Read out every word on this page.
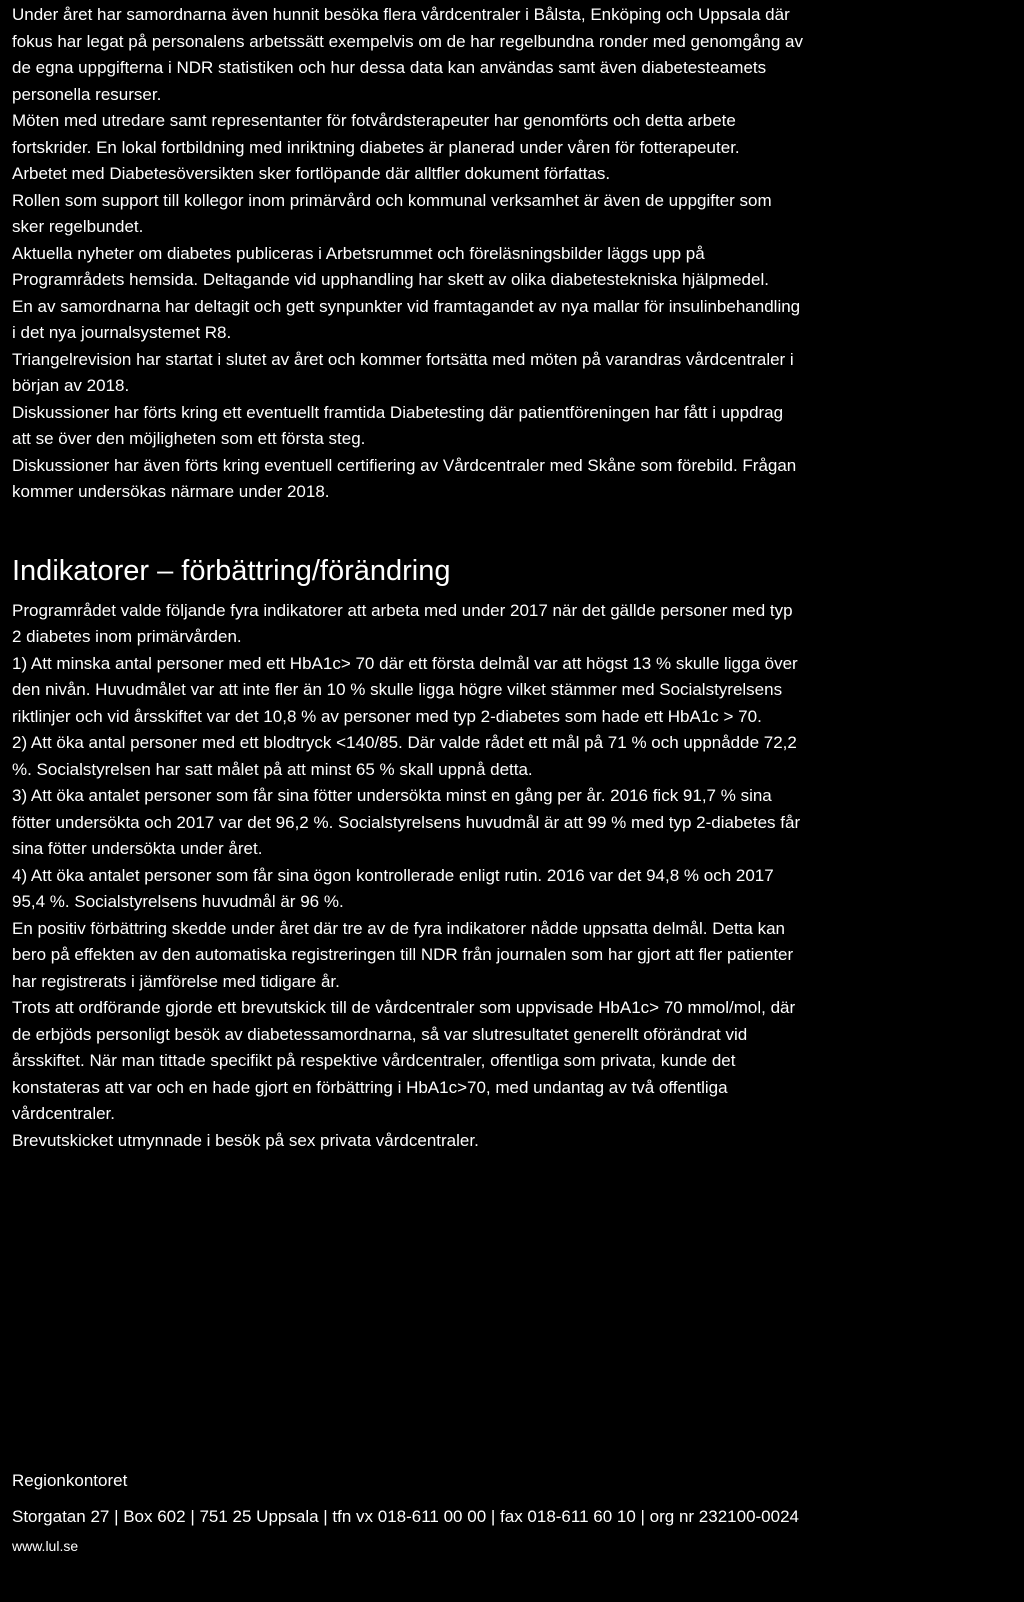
Under året har samordnarna även hunnit besöka flera vårdcentraler i Bålsta, Enköping och Uppsala där
fokus har legat på personalens arbetssätt exempelvis om de har regelbundna ronder med genomgång av
de egna uppgifterna i NDR statistiken och hur dessa data kan användas samt även diabetesteamets
personella resurser.

Möten med utredare samt representanter för fotvårdsterapeuter har genomförts och detta arbete
fortskrider. En lokal fortbildning med inriktning diabetes är planerad under våren för fotterapeuter.

Arbetet med Diabetesöversikten sker fortlöpande där alltfler dokument författas.

Rollen som support till kollegor inom primärvård och kommunal verksamhet är även de uppgifter som
sker regelbundet.

Aktuella nyheter om diabetes publiceras i Arbetsrummet och föreläsningsbilder läggs upp på
Programrådets hemsida. Deltagande vid upphandling har skett av olika diabetestekniska hjälpmedel.

En av samordnarna har deltagit och gett synpunkter vid framtagandet av nya mallar för insulinbehandling
i det nya journalsystemet R8.

Triangelrevision har startat i slutet av året och kommer fortsätta med möten på varandras vårdcentraler i
början av 2018.

Diskussioner har förts kring ett eventuellt framtida Diabetesting där patientföreningen har fått i uppdrag
att se över den möjligheten som ett första steg.

Diskussioner har även förts kring eventuell certifiering av Vårdcentraler med Skåne som förebild. Frågan
kommer undersökas närmare under 2018.

Indikatorer – förbättring/förändring

Programrådet valde följande fyra indikatorer att arbeta med under 2017 när det gällde personer med typ
2 diabetes inom primärvården.

1) Att minska antal personer med ett HbA1c> 70 där ett första delmål var att högst 13 % skulle ligga över
den nivån. Huvudmålet var att inte fler än 10 % skulle ligga högre vilket stämmer med Socialstyrelsens
riktlinjer och vid årsskiftet var det 10,8 % av personer med typ 2-diabetes som hade ett HbA1c > 70.

2) Att öka antal personer med ett blodtryck <140/85. Där valde rådet ett mål på 71 % och uppnådde 72,2
%. Socialstyrelsen har satt målet på att minst 65 % skall uppnå detta.

3) Att öka antalet personer som får sina fötter undersökta minst en gång per år. 2016 fick 91,7 % sina
fötter undersökta och 2017 var det 96,2 %. Socialstyrelsens huvudmål är att 99 % med typ 2-diabetes får
sina fötter undersökta under året.

4) Att öka antalet personer som får sina ögon kontrollerade enligt rutin. 2016 var det 94,8 % och 2017
95,4 %. Socialstyrelsens huvudmål är 96 %.

En positiv förbättring skedde under året där tre av de fyra indikatorer nådde uppsatta delmål. Detta kan
bero på effekten av den automatiska registreringen till NDR från journalen som har gjort att fler patienter
har registrerats i jämförelse med tidigare år.

Trots att ordförande gjorde ett brevutskick till de vårdcentraler som uppvisade HbA1c> 70 mmol/mol, där
de erbjöds personligt besök av diabetessamordnarna, så var slutresultatet generellt oförändrat vid
årsskiftet. När man tittade specifikt på respektive vårdcentraler, offentliga som privata, kunde det
konstateras att var och en hade gjort en förbättring i HbA1c>70, med undantag av två offentliga
vårdcentraler.

Brevutskicket utmynnade i besök på sex privata vårdcentraler.

Regionkontoret

Storgatan 27 | Box 602 | 751 25 Uppsala | tfn vx 018-611 00 00 | fax 018-611 60 10 | org nr 232100-0024

www.lul.se
